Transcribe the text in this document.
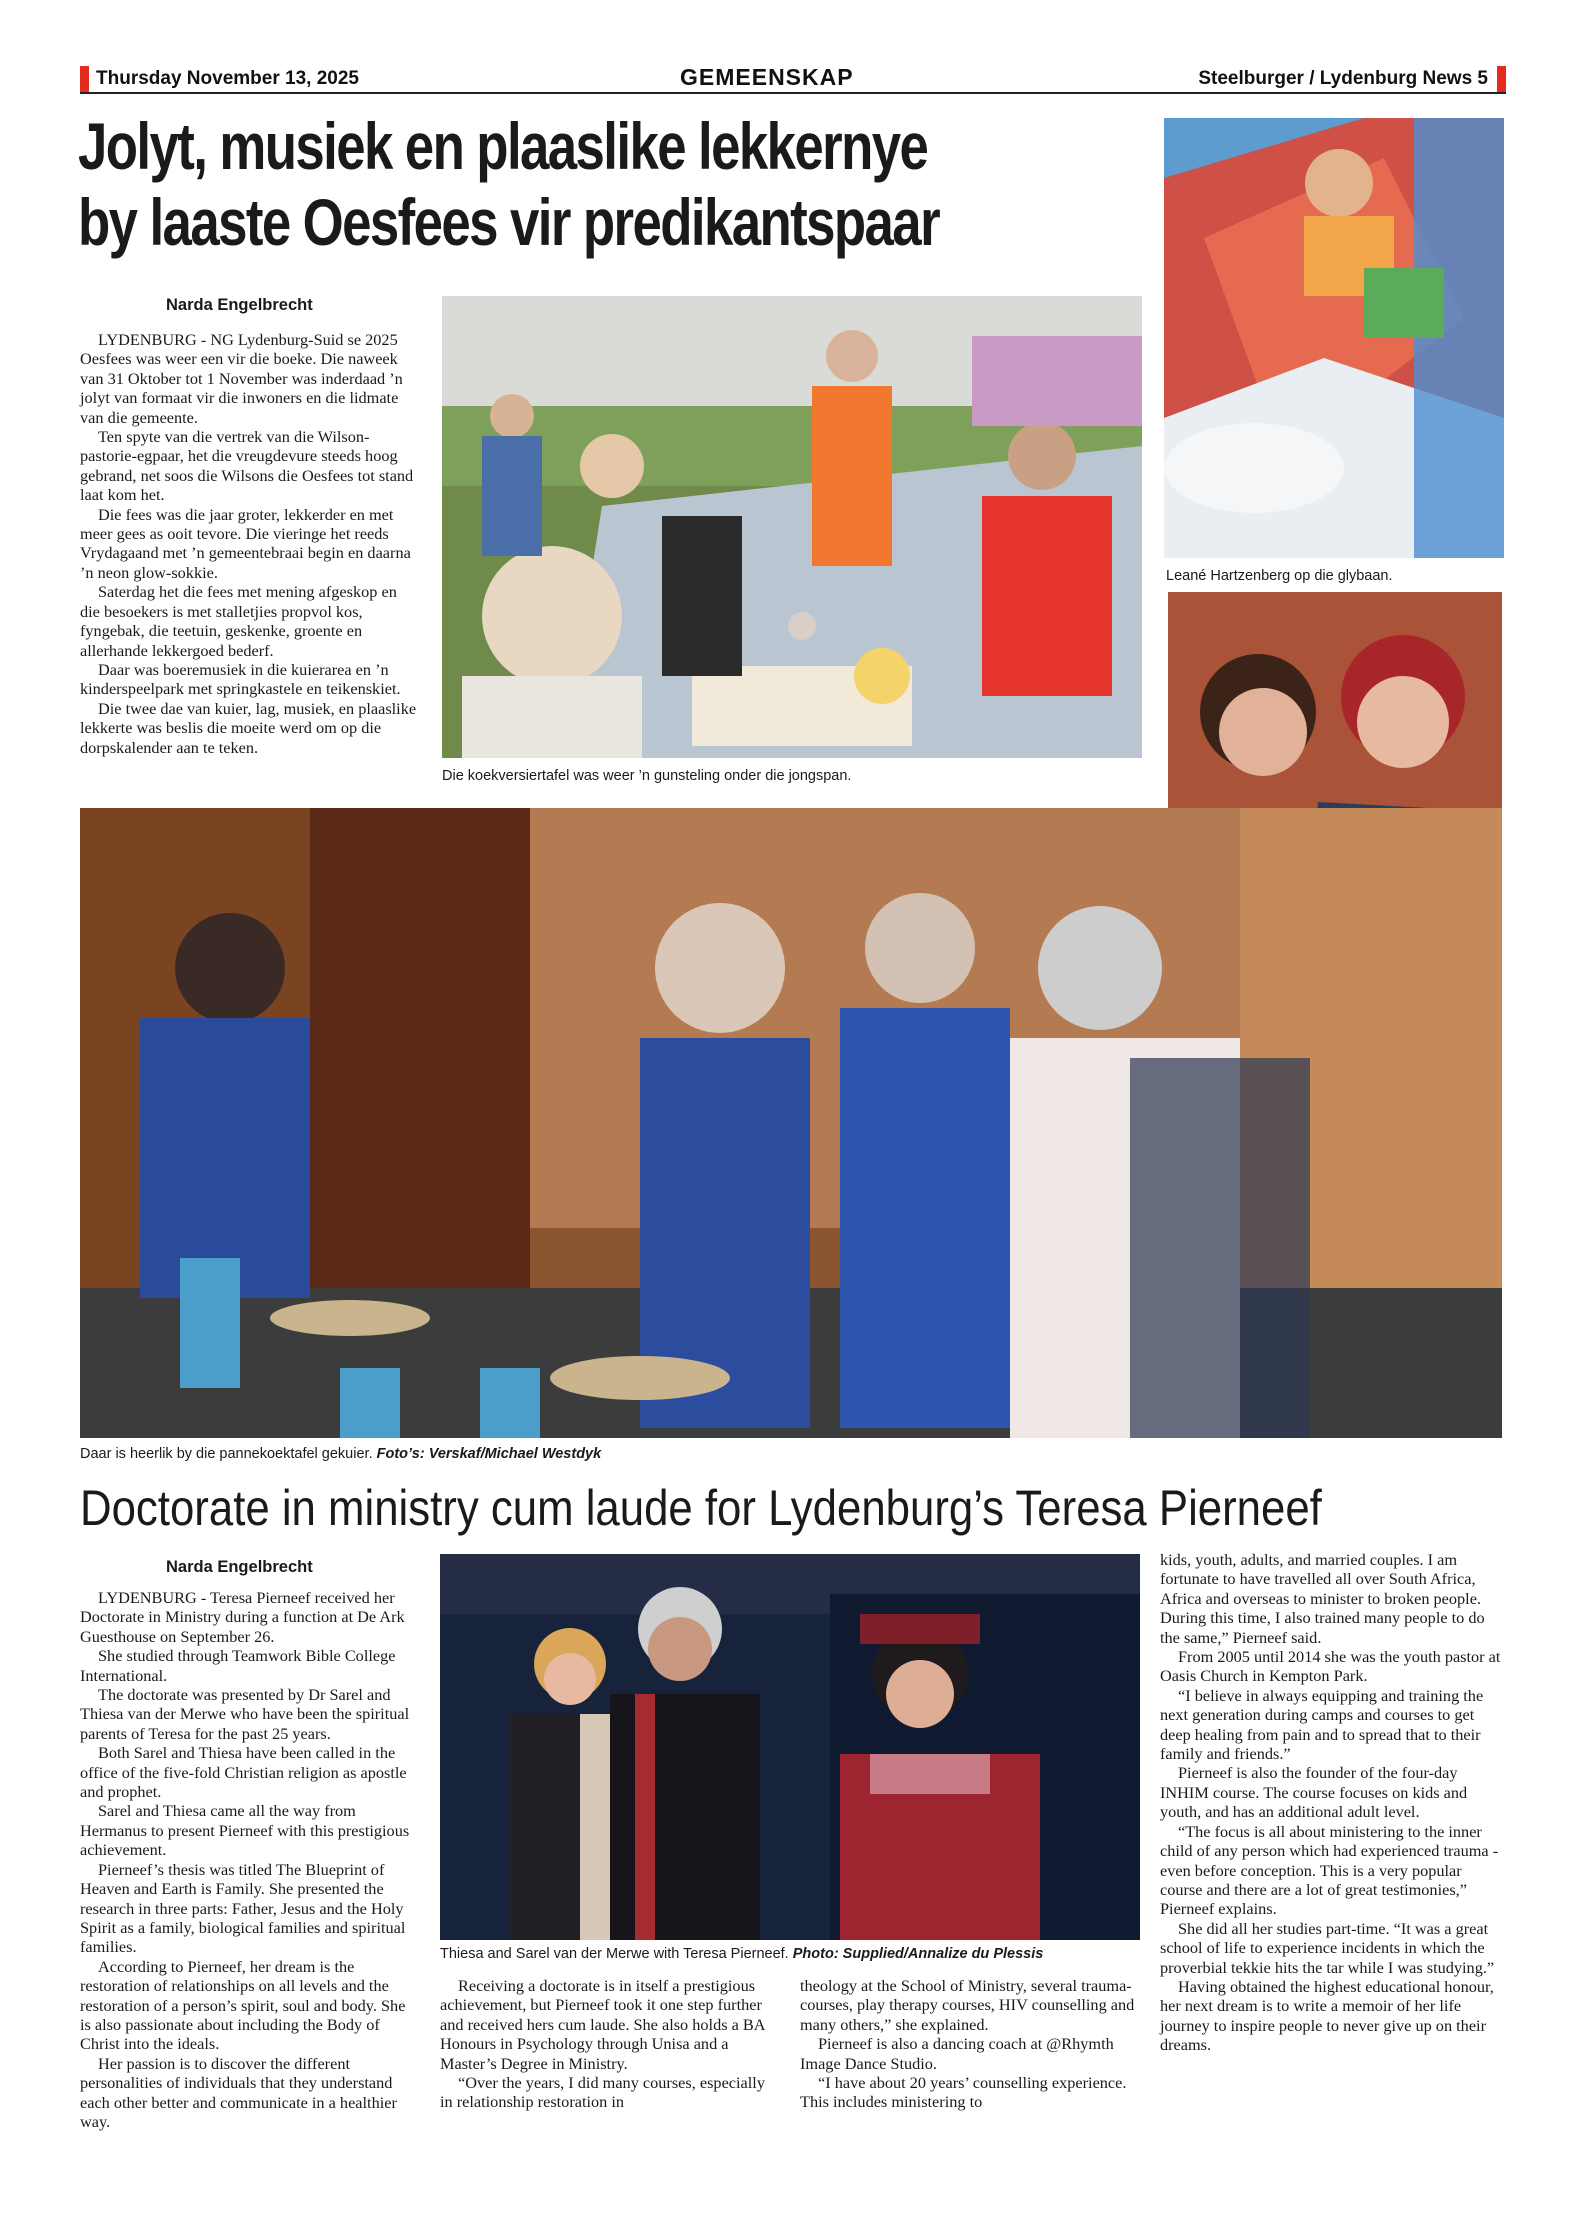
Thursday November 13, 2025	GEMEENSKAP	Steelburger / Lydenburg News 5
Jolyt, musiek en plaaslike lekkernye
by laaste Oesfees vir predikantspaar
Narda Engelbrecht

LYDENBURG - NG Lydenburg-Suid se 2025 Oesfees was weer een vir die boeke. Die naweek van 31 Oktober tot 1 November was inderdaad ’n jolyt van formaat vir die inwoners en die lidmate van die gemeente.

Ten spyte van die vertrek van die Wilson-pastorie-egpaar, het die vreugdevure steeds hoog gebrand, net soos die Wilsons die Oesfees tot stand laat kom het.

Die fees was die jaar groter, lekkerder en met meer gees as ooit tevore. Die vieringe het reeds Vrydagaand met ’n gemeentebraai begin en daarna ’n neon glow-sokkie.

Saterdag het die fees met mening afgeskop en die besoekers is met stalletjies propvol kos, fyngebak, die teetuin, geskenke, groente en allerhande lekkergoed bederf.

Daar was boeremusiek in die kuierarea en ’n kinderspeelpark met springkastele en teikenskiet.

Die twee dae van kuier, lag, musiek, en plaaslike lekkerte was beslis die moeite werd om op die dorpskalender aan te teken.

Die koekversiertafel was weer ’n gunsteling onder die jongspan.
Leané Hartzenberg op die glybaan.
Daar is heerlik by die pannekoektafel gekuier. Foto’s: Verskaf/Michael Westdyk
Doctorate in ministry cum laude for Lydenburg’s Teresa Pierneef
Narda Engelbrecht

LYDENBURG - Teresa Pierneef received her Doctorate in Ministry during a function at De Ark Guesthouse on September 26.

She studied through Teamwork Bible College International.

The doctorate was presented by Dr Sarel and Thiesa van der Merwe who have been the spiritual parents of Teresa for the past 25 years.

Both Sarel and Thiesa have been called in the office of the five-fold Christian religion as apostle and prophet.

Sarel and Thiesa came all the way from Hermanus to present Pierneef with this prestigious achievement.

Pierneef’s thesis was titled The Blueprint of Heaven and Earth is Family. She presented the research in three parts: Father, Jesus and the Holy Spirit as a family, biological families and spiritual families.

According to Pierneef, her dream is the restoration of relationships on all levels and the restoration of a person’s spirit, soul and body. She is also passionate about including the Body of Christ into the ideals.

Her passion is to discover the different personalities of individuals that they understand each other better and communicate in a healthier way.

Thiesa and Sarel van der Merwe with Teresa Pierneef. Photo: Supplied/Annalize du Plessis

Receiving a doctorate is in itself a prestigious achievement, but Pierneef took it one step further and received hers cum laude. She also holds a BA Honours in Psychology through Unisa and a Master’s Degree in Ministry.

“Over the years, I did many courses, especially in relationship restoration in

theology at the School of Ministry, several trauma-courses, play therapy courses, HIV counselling and many others,” she explained.

Pierneef is also a dancing coach at @Rhymth Image Dance Studio.

“I have about 20 years’ counselling experience. This includes ministering to

kids, youth, adults, and married couples. I am fortunate to have travelled all over South Africa, Africa and overseas to minister to broken people. During this time, I also trained many people to do the same,” Pierneef said.

From 2005 until 2014 she was the youth pastor at Oasis Church in Kempton Park.

“I believe in always equipping and training the next generation during camps and courses to get deep healing from pain and to spread that to their family and friends.”

Pierneef is also the founder of the four-day INHIM course. The course focuses on kids and youth, and has an additional adult level.

“The focus is all about ministering to the inner child of any person which had experienced trauma - even before conception. This is a very popular course and there are a lot of great testimonies,” Pierneef explains.

She did all her studies part-time. “It was a great school of life to experience incidents in which the proverbial tekkie hits the tar while I was studying.”

Having obtained the highest educational honour, her next dream is to write a memoir of her life journey to inspire people to never give up on their dreams.
